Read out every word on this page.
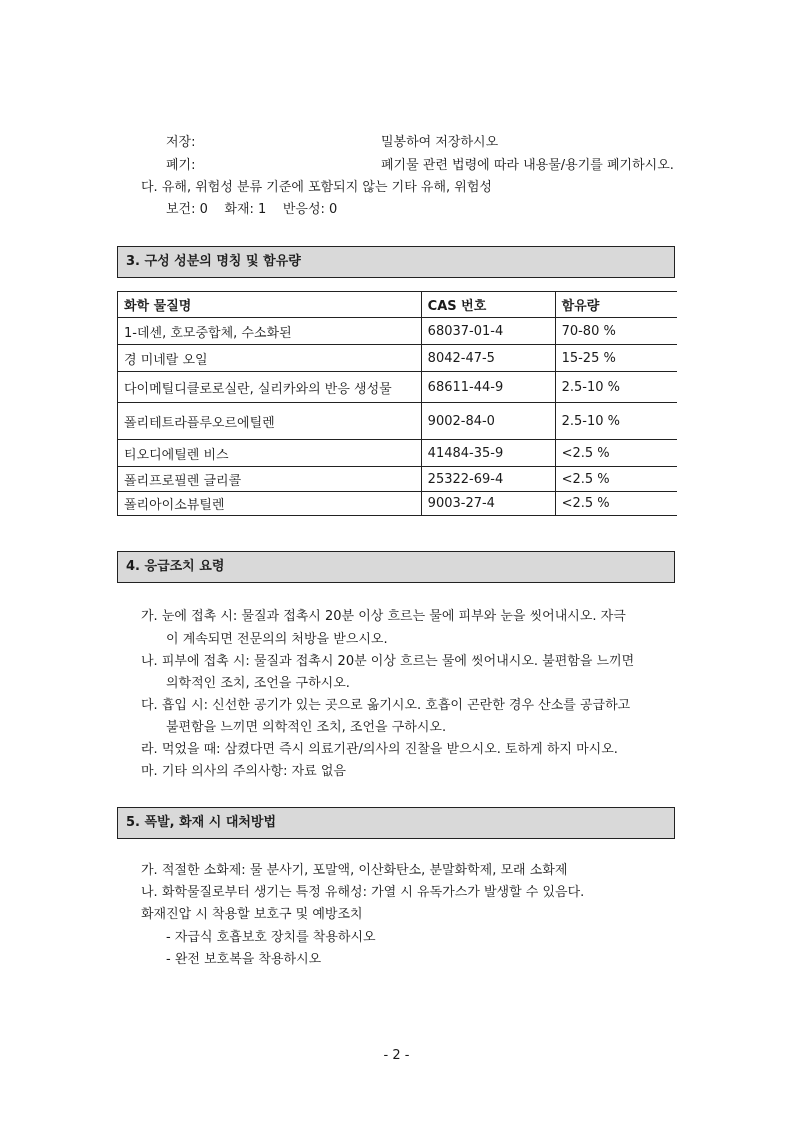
저장:	밀봉하여 저장하시오
폐기:	폐기물 관련 법령에 따라 내용물/용기를 폐기하시오.
다. 유해, 위험성 분류 기준에 포함되지 않는 기타 유해, 위험성
보건: 0    화재: 1    반응성: 0
3. 구성 성분의 명칭 및 함유량
화학 물질명	CAS 번호	함유량
1-데센, 호모중합체, 수소화된	68037-01-4	70-80 %
경 미네랄 오일	8042-47-5	15-25 %
다이메틸디클로로실란, 실리카와의 반응 생성물	68611-44-9	2.5-10 %
폴리테트라플루오르에틸렌	9002-84-0	2.5-10 %
티오디에틸렌 비스	41484-35-9	<2.5 %
폴리프로필렌 글리콜	25322-69-4	<2.5 %
폴리아이소뷰틸렌	9003-27-4	<2.5 %
4. 응급조치 요령
가. 눈에 접촉 시: 물질과 접촉시 20분 이상 흐르는 물에 피부와 눈을 씻어내시오. 자극
이 계속되면 전문의의 처방을 받으시오.
나. 피부에 접촉 시: 물질과 접촉시 20분 이상 흐르는 물에 씻어내시오. 불편함을 느끼면
의학적인 조치, 조언을 구하시오.
다. 흡입 시: 신선한 공기가 있는 곳으로 옮기시오. 호흡이 곤란한 경우 산소를 공급하고
불편함을 느끼면 의학적인 조치, 조언을 구하시오.
라. 먹었을 때: 삼켰다면 즉시 의료기관/의사의 진찰을 받으시오. 토하게 하지 마시오.
마. 기타 의사의 주의사항: 자료 없음
5. 폭발, 화재 시 대처방법
가. 적절한 소화제: 물 분사기, 포말액, 이산화탄소, 분말화학제, 모래 소화제
나. 화학물질로부터 생기는 특정 유해성: 가열 시 유독가스가 발생할 수 있음다.
화재진압 시 착용할 보호구 및 예방조치
- 자급식 호흡보호 장치를 착용하시오
- 완전 보호복을 착용하시오
- 2 -
